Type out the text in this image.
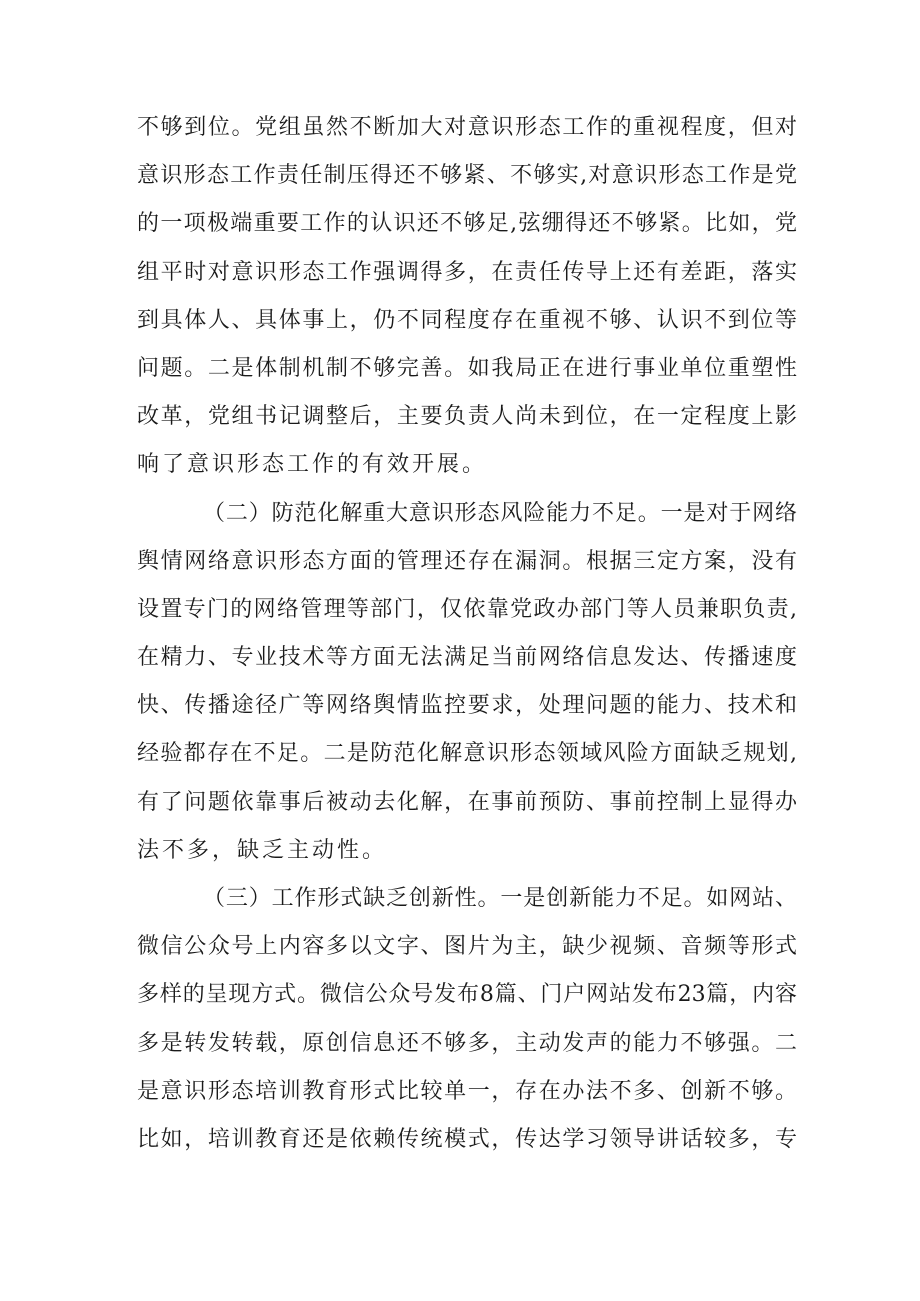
不够到位。党组虽然不断加大对意识形态工作的重视程度，但对
意识形态工作责任制压得还不够紧、不够实,对意识形态工作是党
的一项极端重要工作的认识还不够足,弦绷得还不够紧。比如，党
组平时对意识形态工作强调得多，在责任传导上还有差距，落实
到具体人、具体事上，仍不同程度存在重视不够、认识不到位等
问题。二是体制机制不够完善。如我局正在进行事业单位重塑性
改革，党组书记调整后，主要负责人尚未到位，在一定程度上影
响了意识形态工作的有效开展。
（二）防范化解重大意识形态风险能力不足。一是对于网络
舆情网络意识形态方面的管理还存在漏洞。根据三定方案，没有
设置专门的网络管理等部门，仅依靠党政办部门等人员兼职负责,
在精力、专业技术等方面无法满足当前网络信息发达、传播速度
快、传播途径广等网络舆情监控要求，处理问题的能力、技术和
经验都存在不足。二是防范化解意识形态领域风险方面缺乏规划,
有了问题依靠事后被动去化解，在事前预防、事前控制上显得办
法不多，缺乏主动性。
（三）工作形式缺乏创新性。一是创新能力不足。如网站、
微信公众号上内容多以文字、图片为主，缺少视频、音频等形式
多样的呈现方式。微信公众号发布8篇、门户网站发布23篇，内容
多是转发转载，原创信息还不够多，主动发声的能力不够强。二
是意识形态培训教育形式比较单一，存在办法不多、创新不够。
比如，培训教育还是依赖传统模式，传达学习领导讲话较多，专
